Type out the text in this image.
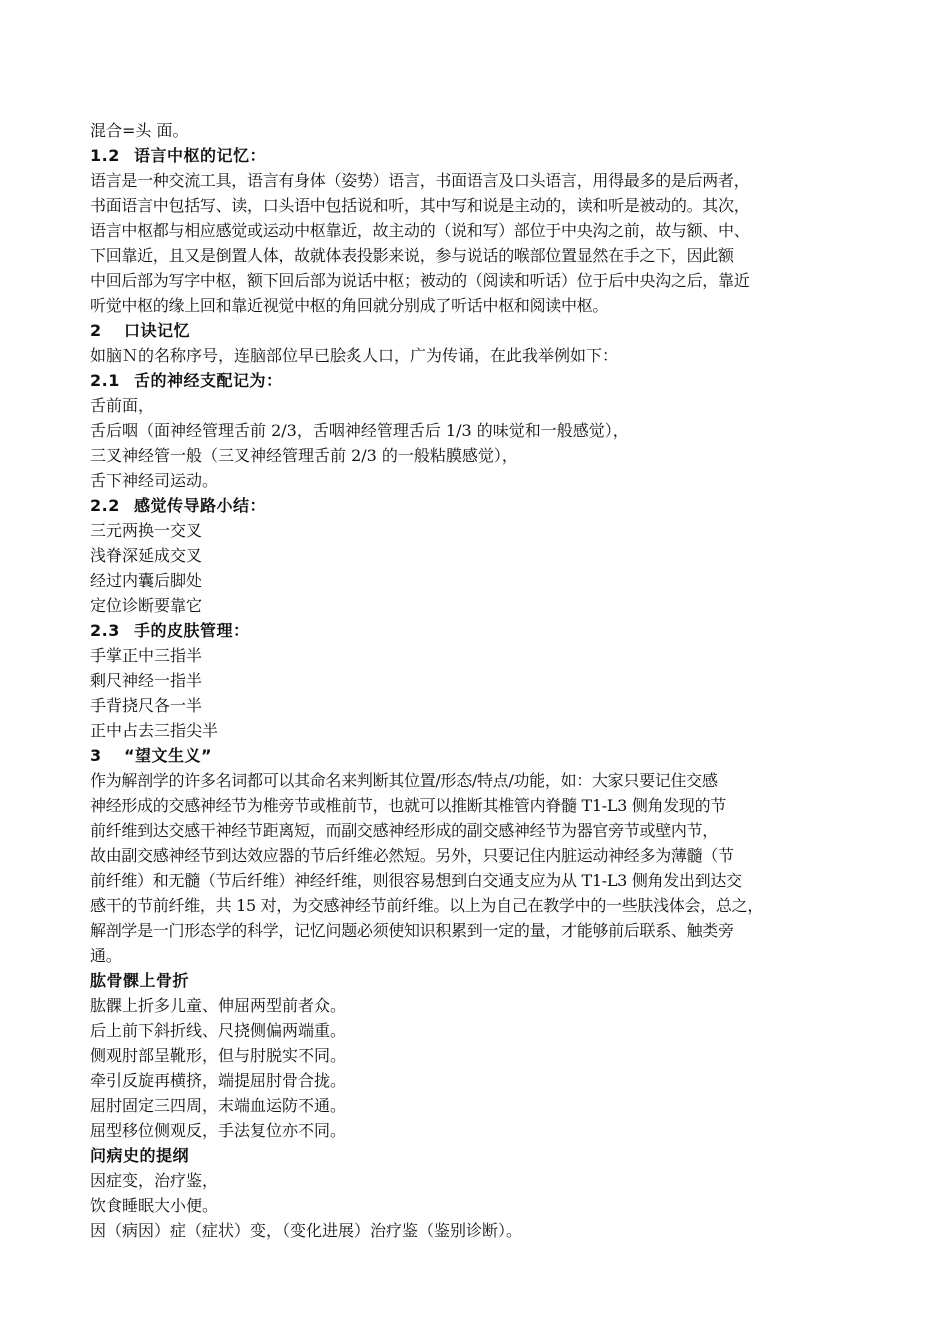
混合=头 面。
1.2 语言中枢的记忆：
语言是一种交流工具，语言有身体（姿势）语言，书面语言及口头语言，用得最多的是后两者，
书面语言中包括写、读，口头语中包括说和听，其中写和说是主动的，读和听是被动的。其次，
语言中枢都与相应感觉或运动中枢靠近，故主动的（说和写）部位于中央沟之前，故与额、中、
下回靠近，且又是倒置人体，故就体表投影来说，参与说话的喉部位置显然在手之下，因此额
中回后部为写字中枢，额下回后部为说话中枢；被动的（阅读和听话）位于后中央沟之后，靠近
听觉中枢的缘上回和靠近视觉中枢的角回就分别成了听话中枢和阅读中枢。
2 口诀记忆
如脑Ｎ的名称序号，连脑部位早已脍炙人口，广为传诵，在此我举例如下：
2.1 舌的神经支配记为：
舌前面，
舌后咽（面神经管理舌前 2/3，舌咽神经管理舌后 1/3 的味觉和一般感觉），
三叉神经管一般（三叉神经管理舌前 2/3 的一般粘膜感觉），
舌下神经司运动。
2.2 感觉传导路小结：
三元两换一交叉
浅脊深延成交叉
经过内囊后脚处
定位诊断要靠它
2.3 手的皮肤管理：
手掌正中三指半
剩尺神经一指半
手背挠尺各一半
正中占去三指尖半
3 “望文生义”
作为解剖学的许多名词都可以其命名来判断其位置/形态/特点/功能，如：大家只要记住交感
神经形成的交感神经节为椎旁节或椎前节，也就可以推断其椎管内脊髓 T1-L3 侧角发现的节
前纤维到达交感干神经节距离短，而副交感神经形成的副交感神经节为器官旁节或壁内节，
故由副交感神经节到达效应器的节后纤维必然短。另外，只要记住内脏运动神经多为薄髓（节
前纤维）和无髓（节后纤维）神经纤维，则很容易想到白交通支应为从 T1-L3 侧角发出到达交
感干的节前纤维，共 15 对，为交感神经节前纤维。以上为自己在教学中的一些肤浅体会，总之，
解剖学是一门形态学的科学，记忆问题必须使知识积累到一定的量，才能够前后联系、触类旁
通。
肱骨髁上骨折
肱髁上折多儿童、伸屈两型前者众。
后上前下斜折线、尺挠侧偏两端重。
侧观肘部呈靴形，但与肘脱实不同。
牵引反旋再横挤，端提屈肘骨合拢。
屈肘固定三四周，末端血运防不通。
屈型移位侧观反，手法复位亦不同。
问病史的提纲
因症变，治疗鉴，
饮食睡眠大小便。
因（病因）症（症状）变，（变化进展）治疗鉴（鉴别诊断）。
